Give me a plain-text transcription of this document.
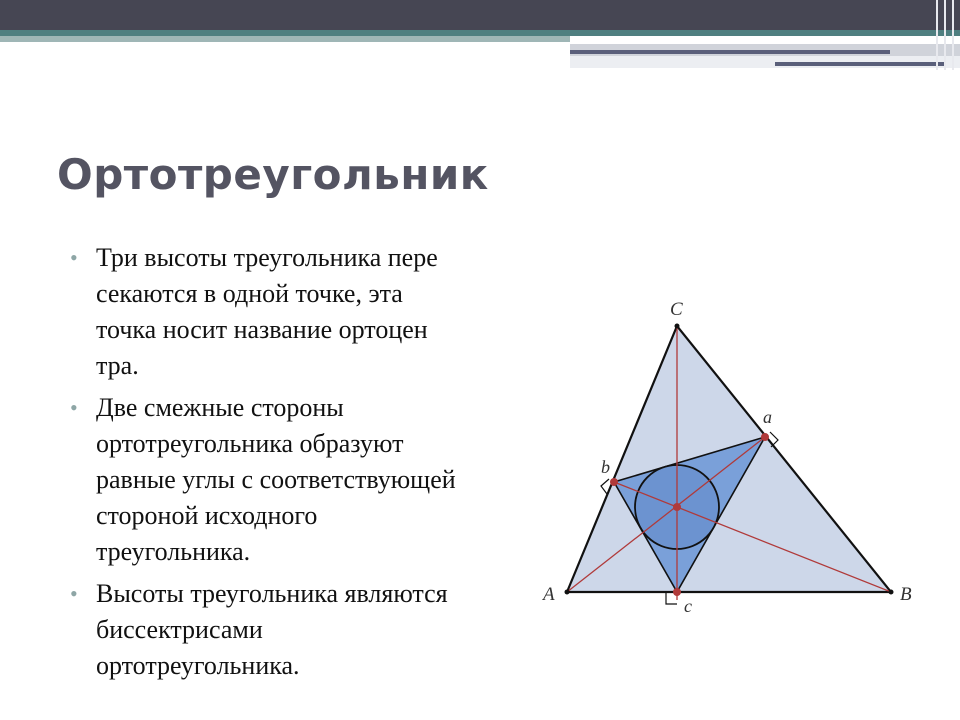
Ортотреугольник
• Три высоты треугольника пере
секаются в одной точке, эта
точка носит название ортоцен
тра.
• Две смежные стороны
ортотреугольника образуют
равные углы с соответствующей
стороной исходного
треугольника.
• Высоты треугольника являются
биссектрисами
ортотреугольника.
C
A	B
a
b
c
